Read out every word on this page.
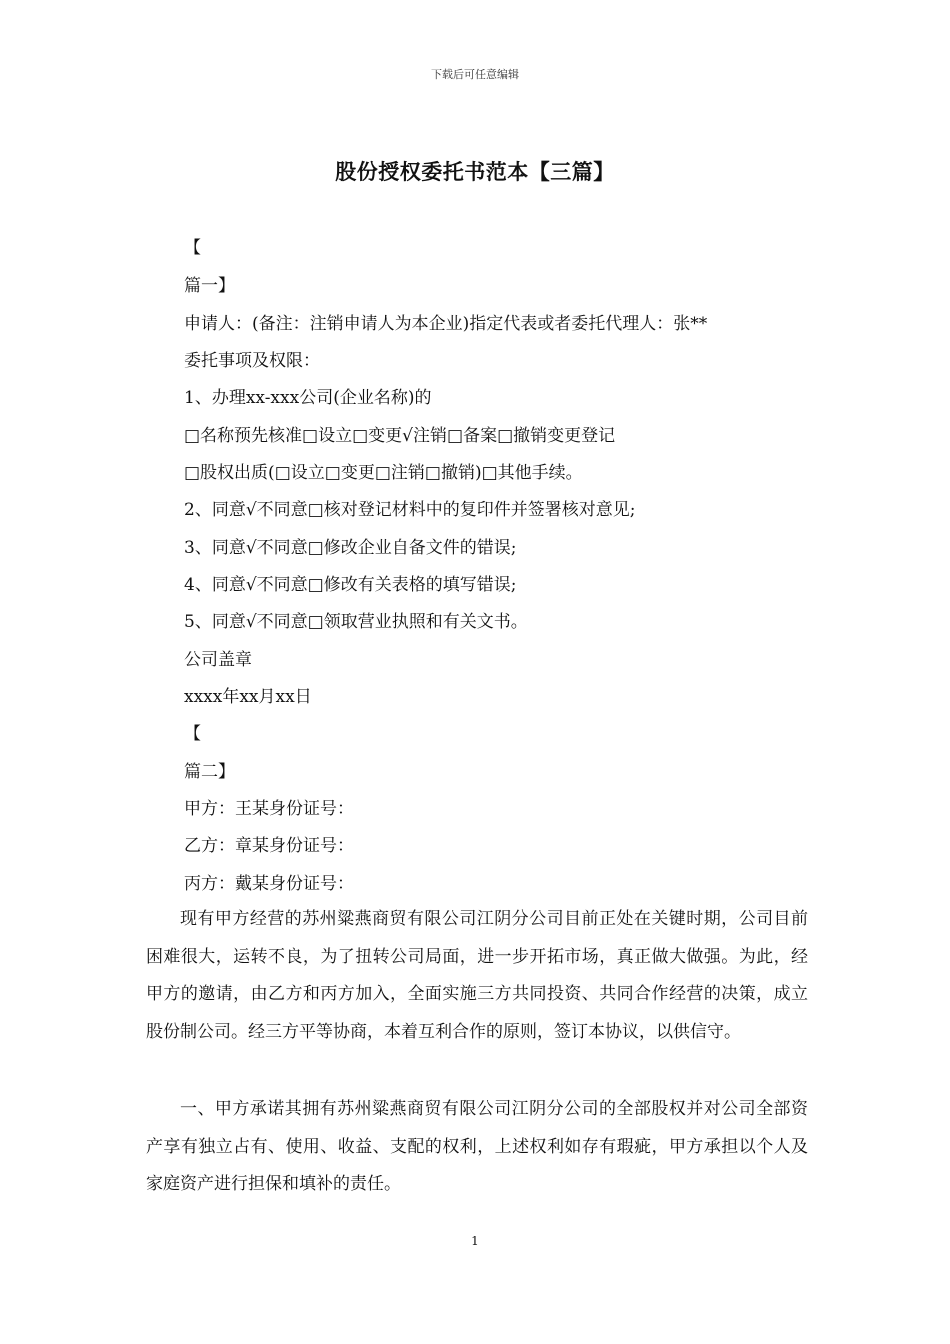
下载后可任意编辑
股份授权委托书范本【三篇】
【
篇一】
申请人：(备注：注销申请人为本企业)指定代表或者委托代理人：张**
委托事项及权限：
1、办理xx-xxx公司(企业名称)的
□名称预先核准□设立□变更√注销□备案□撤销变更登记
□股权出质(□设立□变更□注销□撤销)□其他手续。
2、同意√不同意□核对登记材料中的复印件并签署核对意见;
3、同意√不同意□修改企业自备文件的错误;
4、同意√不同意□修改有关表格的填写错误;
5、同意√不同意□领取营业执照和有关文书。
公司盖章
xxxx年xx月xx日
【
篇二】
甲方：王某身份证号：
乙方：章某身份证号：
丙方：戴某身份证号：
现有甲方经营的苏州粱燕商贸有限公司江阴分公司目前正处在关键时期，公司目前困难很大，运转不良，为了扭转公司局面，进一步开拓市场，真正做大做强。为此，经甲方的邀请，由乙方和丙方加入，全面实施三方共同投资、共同合作经营的决策，成立股份制公司。经三方平等协商，本着互利合作的原则，签订本协议，以供信守。
一、甲方承诺其拥有苏州粱燕商贸有限公司江阴分公司的全部股权并对公司全部资产享有独立占有、使用、收益、支配的权利，上述权利如存有瑕疵，甲方承担以个人及家庭资产进行担保和填补的责任。
1
